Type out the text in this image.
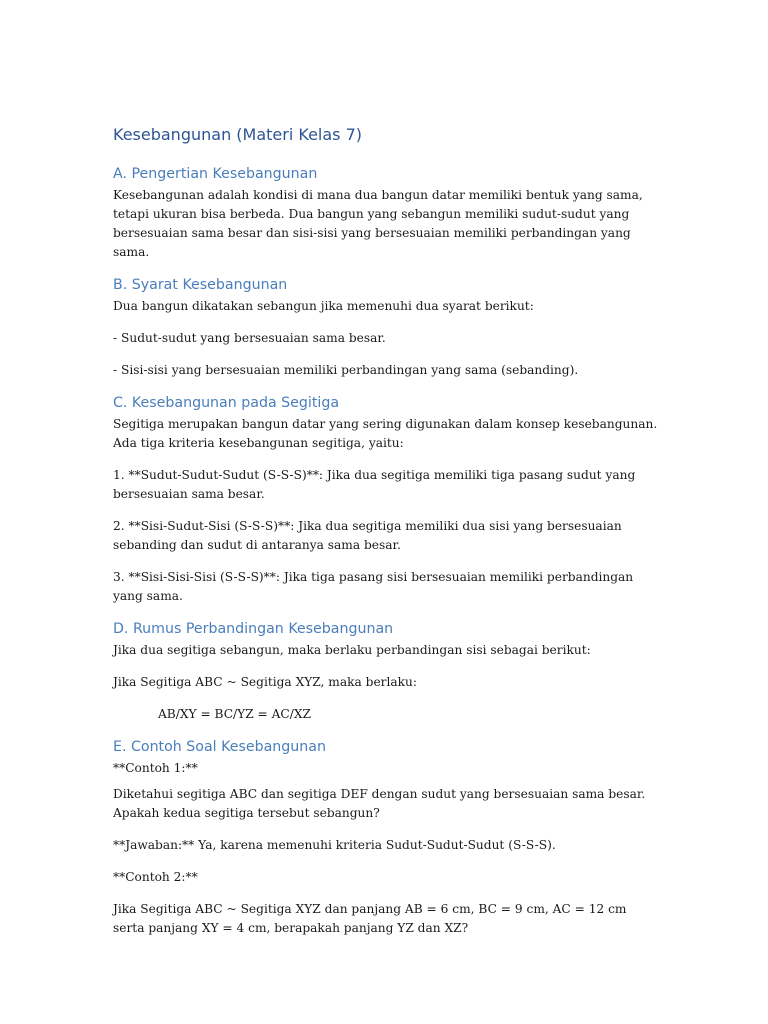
Kesebangunan (Materi Kelas 7)
A. Pengertian Kesebangunan

Kesebangunan adalah kondisi di mana dua bangun datar memiliki bentuk yang sama, tetapi ukuran bisa berbeda. Dua bangun yang sebangun memiliki sudut-sudut yang bersesuaian sama besar dan sisi-sisi yang bersesuaian memiliki perbandingan yang sama.

B. Syarat Kesebangunan

Dua bangun dikatakan sebangun jika memenuhi dua syarat berikut:

- Sudut-sudut yang bersesuaian sama besar.

- Sisi-sisi yang bersesuaian memiliki perbandingan yang sama (sebanding).

C. Kesebangunan pada Segitiga

Segitiga merupakan bangun datar yang sering digunakan dalam konsep kesebangunan. Ada tiga kriteria kesebangunan segitiga, yaitu:

1. **Sudut-Sudut-Sudut (S-S-S)**: Jika dua segitiga memiliki tiga pasang sudut yang bersesuaian sama besar.

2. **Sisi-Sudut-Sisi (S-S-S)**: Jika dua segitiga memiliki dua sisi yang bersesuaian sebanding dan sudut di antaranya sama besar.

3. **Sisi-Sisi-Sisi (S-S-S)**: Jika tiga pasang sisi bersesuaian memiliki perbandingan yang sama.

D. Rumus Perbandingan Kesebangunan

Jika dua segitiga sebangun, maka berlaku perbandingan sisi sebagai berikut:

Jika Segitiga ABC ~ Segitiga XYZ, maka berlaku:

AB/XY = BC/YZ = AC/XZ

E. Contoh Soal Kesebangunan

**Contoh 1:**

Diketahui segitiga ABC dan segitiga DEF dengan sudut yang bersesuaian sama besar. Apakah kedua segitiga tersebut sebangun?

**Jawaban:** Ya, karena memenuhi kriteria Sudut-Sudut-Sudut (S-S-S).

**Contoh 2:**

Jika Segitiga ABC ~ Segitiga XYZ dan panjang AB = 6 cm, BC = 9 cm, AC = 12 cm serta panjang XY = 4 cm, berapakah panjang YZ dan XZ?
